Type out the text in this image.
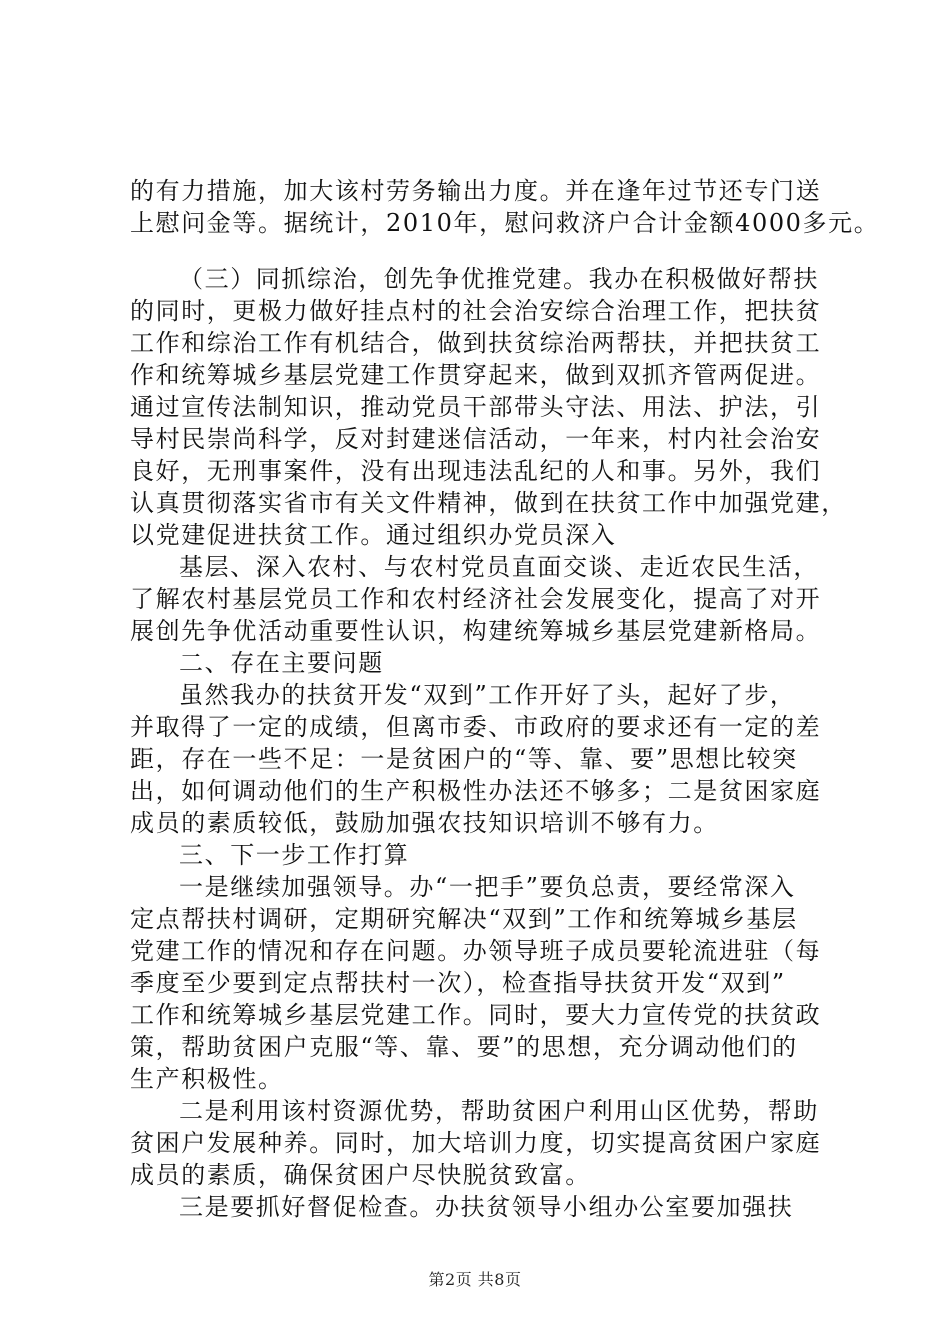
的有力措施，加大该村劳务输出力度。并在逢年过节还专门送
上慰问金等。据统计，2010年，慰问救济户合计金额4000多元。
（三）同抓综治，创先争优推党建。我办在积极做好帮扶
的同时，更极力做好挂点村的社会治安综合治理工作，把扶贫
工作和综治工作有机结合，做到扶贫综治两帮扶，并把扶贫工
作和统筹城乡基层党建工作贯穿起来，做到双抓齐管两促进。
通过宣传法制知识，推动党员干部带头守法、用法、护法，引
导村民崇尚科学，反对封建迷信活动，一年来，村内社会治安
良好，无刑事案件，没有出现违法乱纪的人和事。另外，我们
认真贯彻落实省市有关文件精神，做到在扶贫工作中加强党建，
以党建促进扶贫工作。通过组织办党员深入
基层、深入农村、与农村党员直面交谈、走近农民生活，
了解农村基层党员工作和农村经济社会发展变化，提高了对开
展创先争优活动重要性认识，构建统筹城乡基层党建新格局。
二、存在主要问题
虽然我办的扶贫开发“双到”工作开好了头，起好了步，
并取得了一定的成绩，但离市委、市政府的要求还有一定的差
距，存在一些不足：一是贫困户的“等、靠、要”思想比较突
出，如何调动他们的生产积极性办法还不够多；二是贫困家庭
成员的素质较低，鼓励加强农技知识培训不够有力。
三、下一步工作打算
一是继续加强领导。办“一把手”要负总责，要经常深入
定点帮扶村调研，定期研究解决“双到”工作和统筹城乡基层
党建工作的情况和存在问题。办领导班子成员要轮流进驻（每
季度至少要到定点帮扶村一次），检查指导扶贫开发“双到”
工作和统筹城乡基层党建工作。同时，要大力宣传党的扶贫政
策，帮助贫困户克服“等、靠、要”的思想，充分调动他们的
生产积极性。
二是利用该村资源优势，帮助贫困户利用山区优势，帮助
贫困户发展种养。同时，加大培训力度，切实提高贫困户家庭
成员的素质，确保贫困户尽快脱贫致富。
三是要抓好督促检查。办扶贫领导小组办公室要加强扶
第2页 共8页
